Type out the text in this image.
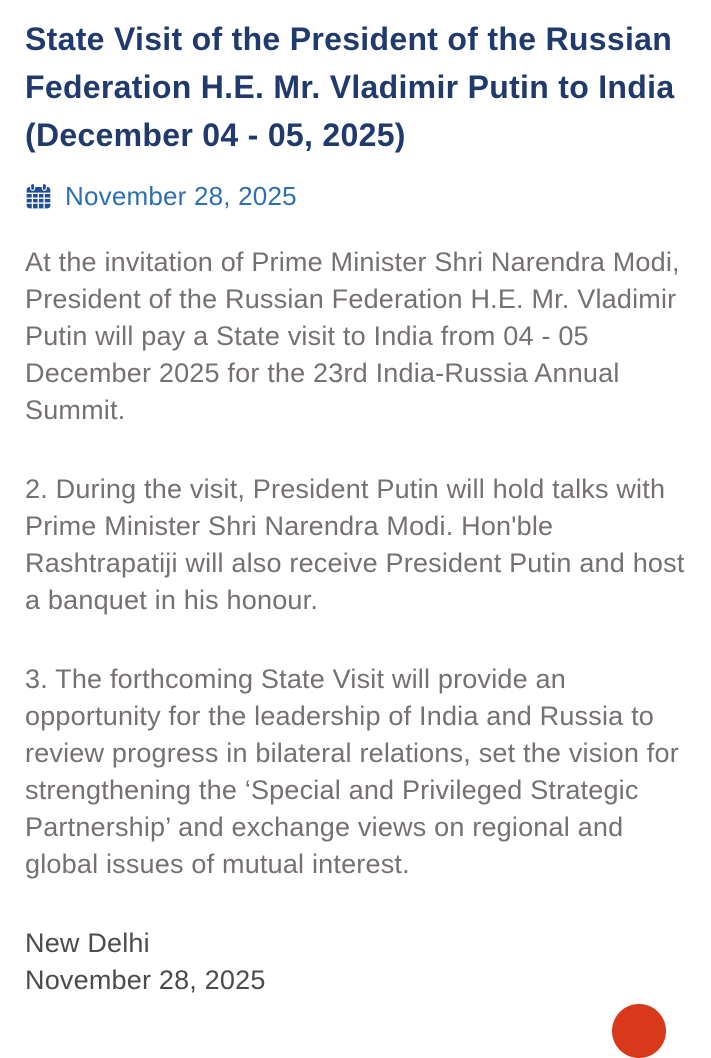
State Visit of the President of the Russian Federation H.E. Mr. Vladimir Putin to India (December 04 - 05, 2025)
November 28, 2025

At the invitation of Prime Minister Shri Narendra Modi, President of the Russian Federation H.E. Mr. Vladimir Putin will pay a State visit to India from 04 - 05 December 2025 for the 23rd India-Russia Annual Summit.

2. During the visit, President Putin will hold talks with Prime Minister Shri Narendra Modi. Hon'ble Rashtrapatiji will also receive President Putin and host a banquet in his honour.

3. The forthcoming State Visit will provide an opportunity for the leadership of India and Russia to review progress in bilateral relations, set the vision for strengthening the ‘Special and Privileged Strategic Partnership’ and exchange views on regional and global issues of mutual interest.

New Delhi
November 28, 2025
